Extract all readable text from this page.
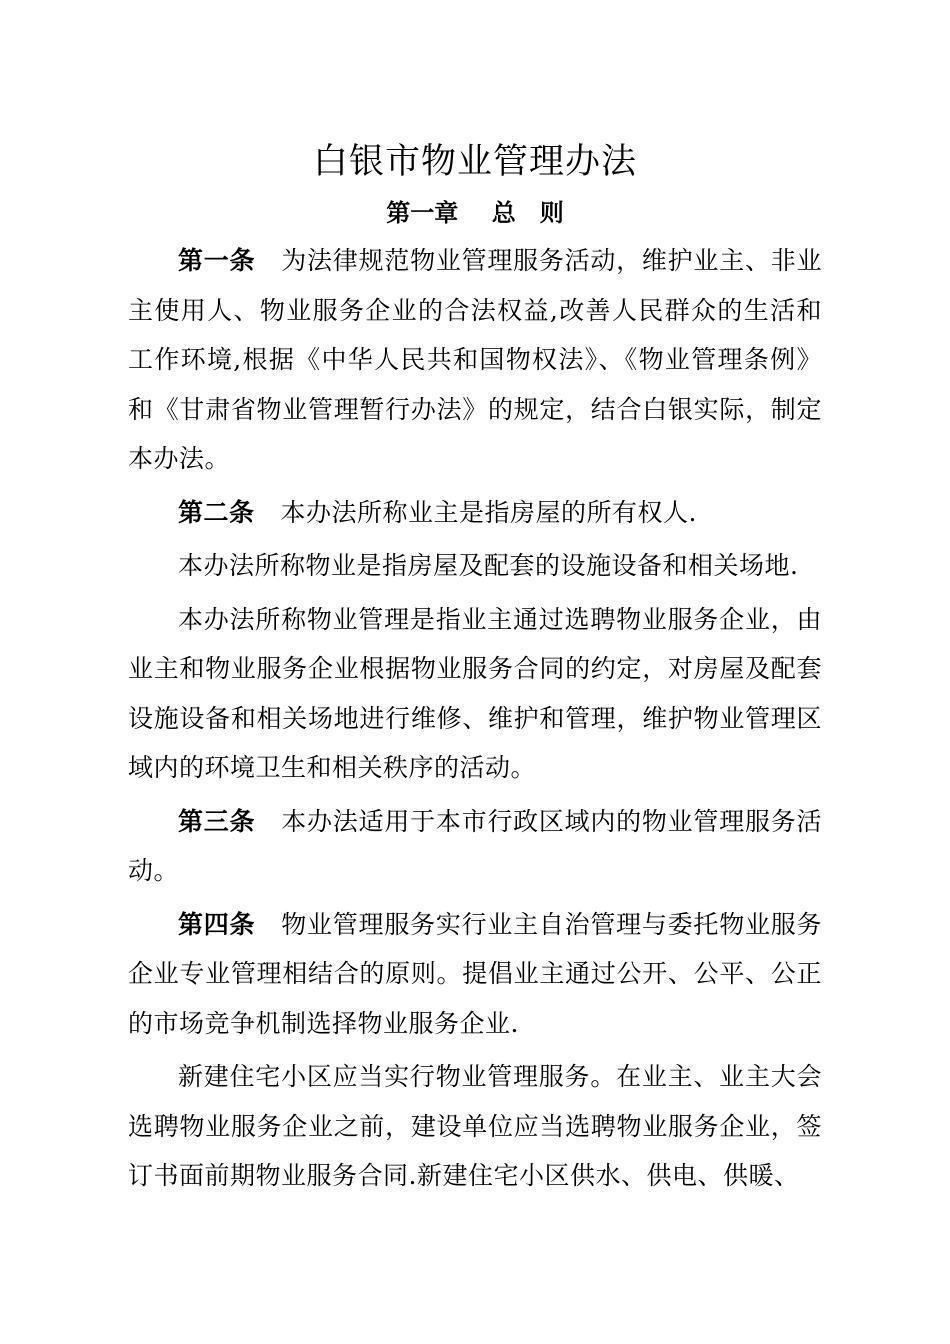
白银市物业管理办法
第一章 总　则

第一条 为法律规范物业管理服务活动，维护业主、非业主使用人、物业服务企业的合法权益,改善人民群众的生活和工作环境,根据《中华人民共和国物权法》、《物业管理条例》和《甘肃省物业管理暂行办法》的规定，结合白银实际，制定本办法。

第二条 本办法所称业主是指房屋的所有权人.

本办法所称物业是指房屋及配套的设施设备和相关场地.

本办法所称物业管理是指业主通过选聘物业服务企业，由业主和物业服务企业根据物业服务合同的约定，对房屋及配套设施设备和相关场地进行维修、维护和管理，维护物业管理区域内的环境卫生和相关秩序的活动。

第三条 本办法适用于本市行政区域内的物业管理服务活动。

第四条 物业管理服务实行业主自治管理与委托物业服务企业专业管理相结合的原则。提倡业主通过公开、公平、公正的市场竞争机制选择物业服务企业.

新建住宅小区应当实行物业管理服务。在业主、业主大会选聘物业服务企业之前，建设单位应当选聘物业服务企业，签订书面前期物业服务合同.新建住宅小区供水、供电、供暖、
